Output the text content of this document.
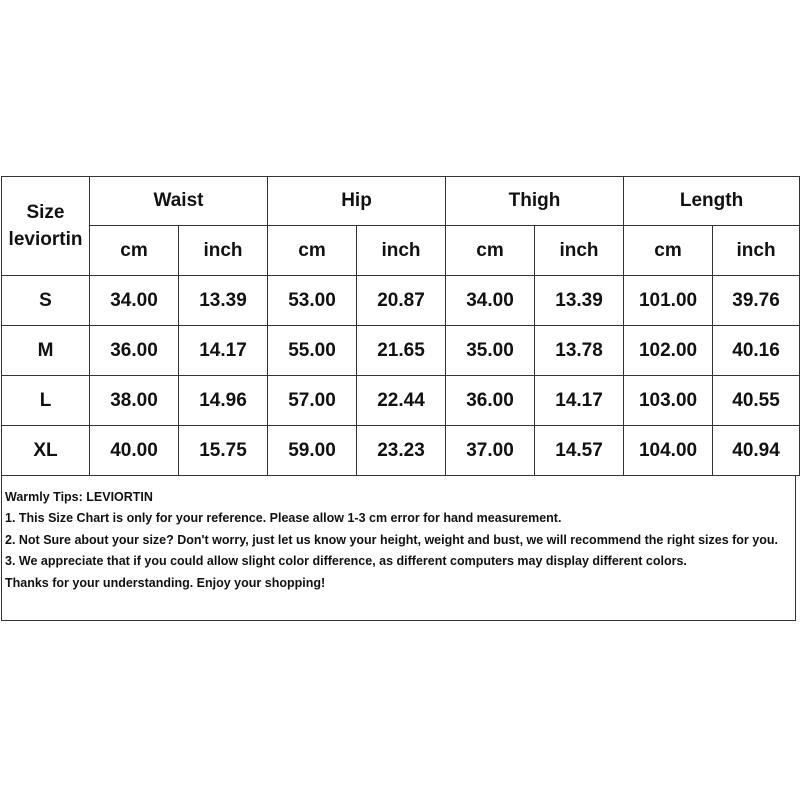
Size
leviortin	Waist		Hip		Thigh		Length	
	cm	inch	cm	inch	cm	inch	cm	inch
S	34.00	13.39	53.00	20.87	34.00	13.39	101.00	39.76
M	36.00	14.17	55.00	21.65	35.00	13.78	102.00	40.16
L	38.00	14.96	57.00	22.44	36.00	14.17	103.00	40.55
XL	40.00	15.75	59.00	23.23	37.00	14.57	104.00	40.94
Warmly Tips: LEVIORTIN
1. This Size Chart is only for your reference. Please allow 1-3 cm error for hand measurement.
2. Not Sure about your size? Don't worry, just let us know your height, weight and bust, we will recommend the right sizes for you.
3. We appreciate that if you could allow slight color difference, as different computers may display different colors.
Thanks for your understanding. Enjoy your shopping!
